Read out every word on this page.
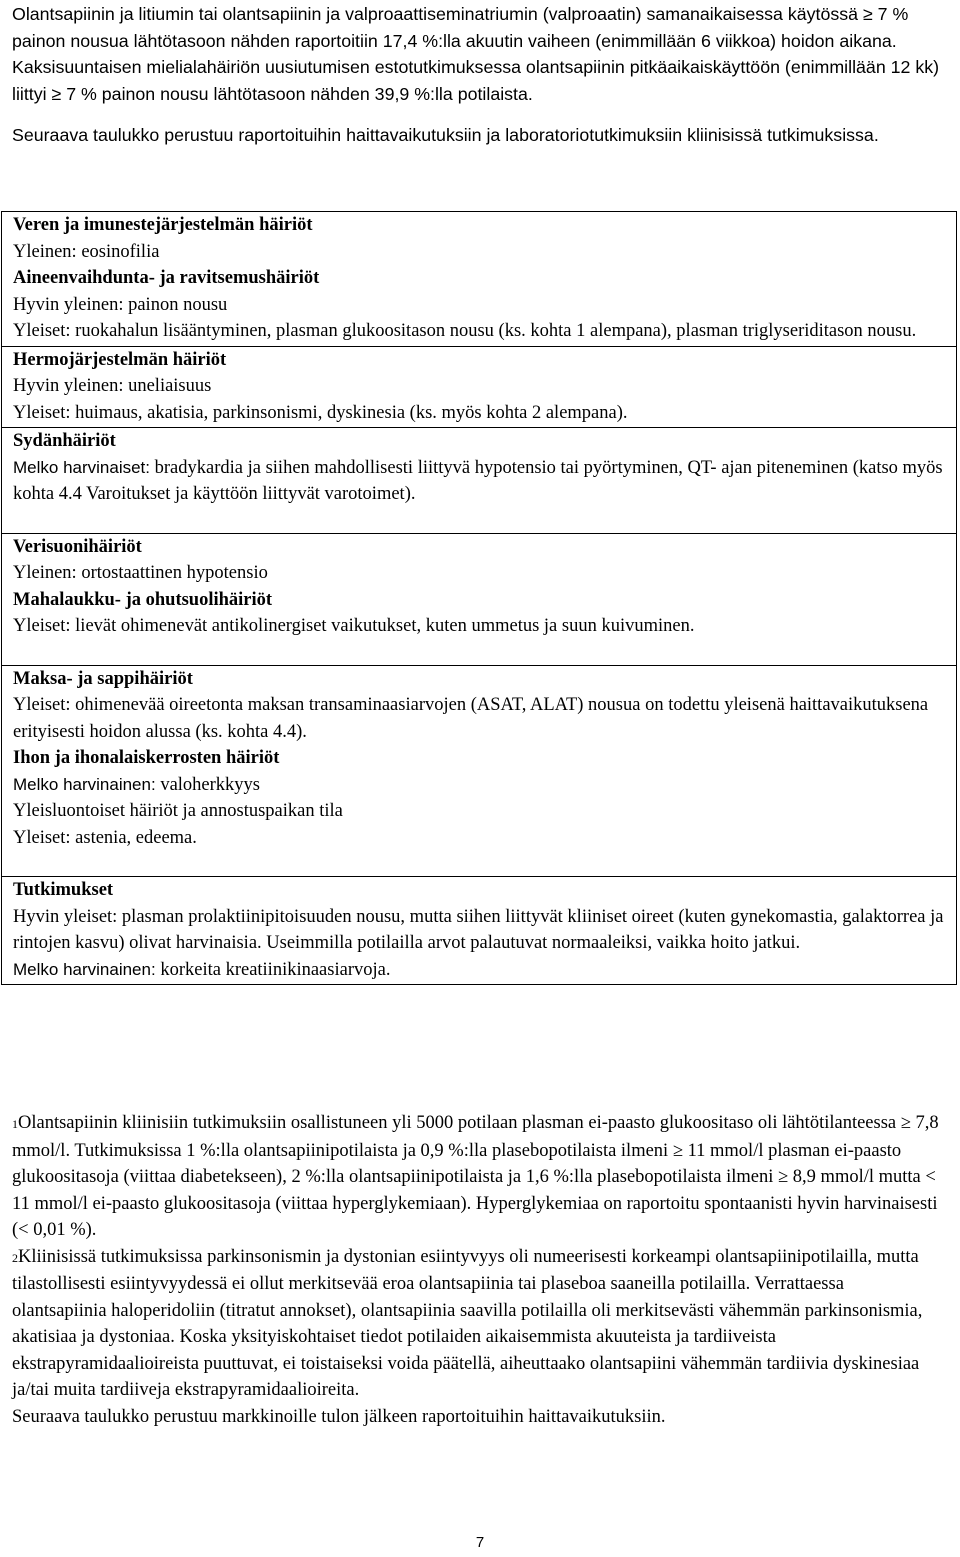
Olantsapiinin ja litiumin tai olantsapiinin ja valproaattiseminatriumin (valproaatin) samanaikaisessa käytössä ≥ 7 % painon nousua lähtötasoon nähden raportoitiin 17,4 %:lla akuutin vaiheen (enimmillään 6 viikkoa) hoidon aikana. Kaksisuuntaisen mielialahäiriön uusiutumisen estotutkimuksessa olantsapiinin pitkäaikaiskäyttöön (enimmillään 12 kk) liittyi ≥ 7 % painon nousu lähtötasoon nähden 39,9 %:lla potilaista.

Seuraava taulukko perustuu raportoituihin haittavaikutuksiin ja laboratoriotutkimuksiin kliinisissä tutkimuksissa.

Veren ja imunestejärjestelmän häiriöt

Yleinen: eosinofilia

Aineenvaihdunta- ja ravitsemushäiriöt

Hyvin yleinen: painon nousu

Yleiset: ruokahalun lisääntyminen, plasman glukoositason nousu (ks. kohta 1 alempana), plasman triglyseriditason nousu.

Hermojärjestelmän häiriöt

Hyvin yleinen: uneliaisuus

Yleiset: huimaus, akatisia, parkinsonismi, dyskinesia (ks. myös kohta 2 alempana).

Sydänhäiriöt

Melko harvinaiset: bradykardia ja siihen mahdollisesti liittyvä hypotensio tai pyörtyminen, QT- ajan piteneminen (katso myös kohta 4.4 Varoitukset ja käyttöön liittyvät varotoimet).

Verisuonihäiriöt

Yleinen: ortostaattinen hypotensio

Mahalaukku- ja ohutsuolihäiriöt

Yleiset: lievät ohimenevät antikolinergiset vaikutukset, kuten ummetus ja suun kuivuminen.

Maksa- ja sappihäiriöt

Yleiset: ohimenevää oireetonta maksan transaminaasiarvojen (ASAT, ALAT) nousua on todettu yleisenä haittavaikutuksena erityisesti hoidon alussa (ks. kohta 4.4).

Ihon ja ihonalaiskerrosten häiriöt

Melko harvinainen: valoherkkyys

Yleisluontoiset häiriöt ja annostuspaikan tila

Yleiset: astenia, edeema.

Tutkimukset

Hyvin yleiset: plasman prolaktiinipitoisuuden nousu, mutta siihen liittyvät kliiniset oireet (kuten gynekomastia, galaktorrea ja rintojen kasvu) olivat harvinaisia. Useimmilla potilailla arvot palautuvat normaaleiksi, vaikka hoito jatkui.

Melko harvinainen: korkeita kreatiinikinaasiarvoja.

1Olantsapiinin kliinisiin tutkimuksiin osallistuneen yli 5000 potilaan plasman ei-paasto glukoositaso oli lähtötilanteessa ≥ 7,8 mmol/l. Tutkimuksissa 1 %:lla olantsapiinipotilaista ja 0,9 %:lla plasebopotilaista ilmeni ≥ 11 mmol/l plasman ei-paasto glukoositasoja (viittaa diabetekseen), 2 %:lla olantsapiinipotilaista ja 1,6 %:lla plasebopotilaista ilmeni ≥ 8,9 mmol/l mutta < 11 mmol/l ei-paasto glukoositasoja (viittaa hyperglykemiaan). Hyperglykemiaa on raportoitu spontaanisti hyvin harvinaisesti (< 0,01 %).

2Kliinisissä tutkimuksissa parkinsonismin ja dystonian esiintyvyys oli numeerisesti korkeampi olantsapiinipotilailla, mutta tilastollisesti esiintyvyydessä ei ollut merkitsevää eroa olantsapiinia tai plaseboa saaneilla potilailla. Verrattaessa olantsapiinia haloperidoliin (titratut annokset), olantsapiinia saavilla potilailla oli merkitsevästi vähemmän parkinsonismia, akatisiaa ja dystoniaa. Koska yksityiskohtaiset tiedot potilaiden aikaisemmista akuuteista ja tardiiveista ekstrapyramidaalioireista puuttuvat, ei toistaiseksi voida päätellä, aiheuttaako olantsapiini vähemmän tardiivia dyskinesiaa ja/tai muita tardiiveja ekstrapyramidaalioireita.

Seuraava taulukko perustuu markkinoille tulon jälkeen raportoituihin haittavaikutuksiin.

7
